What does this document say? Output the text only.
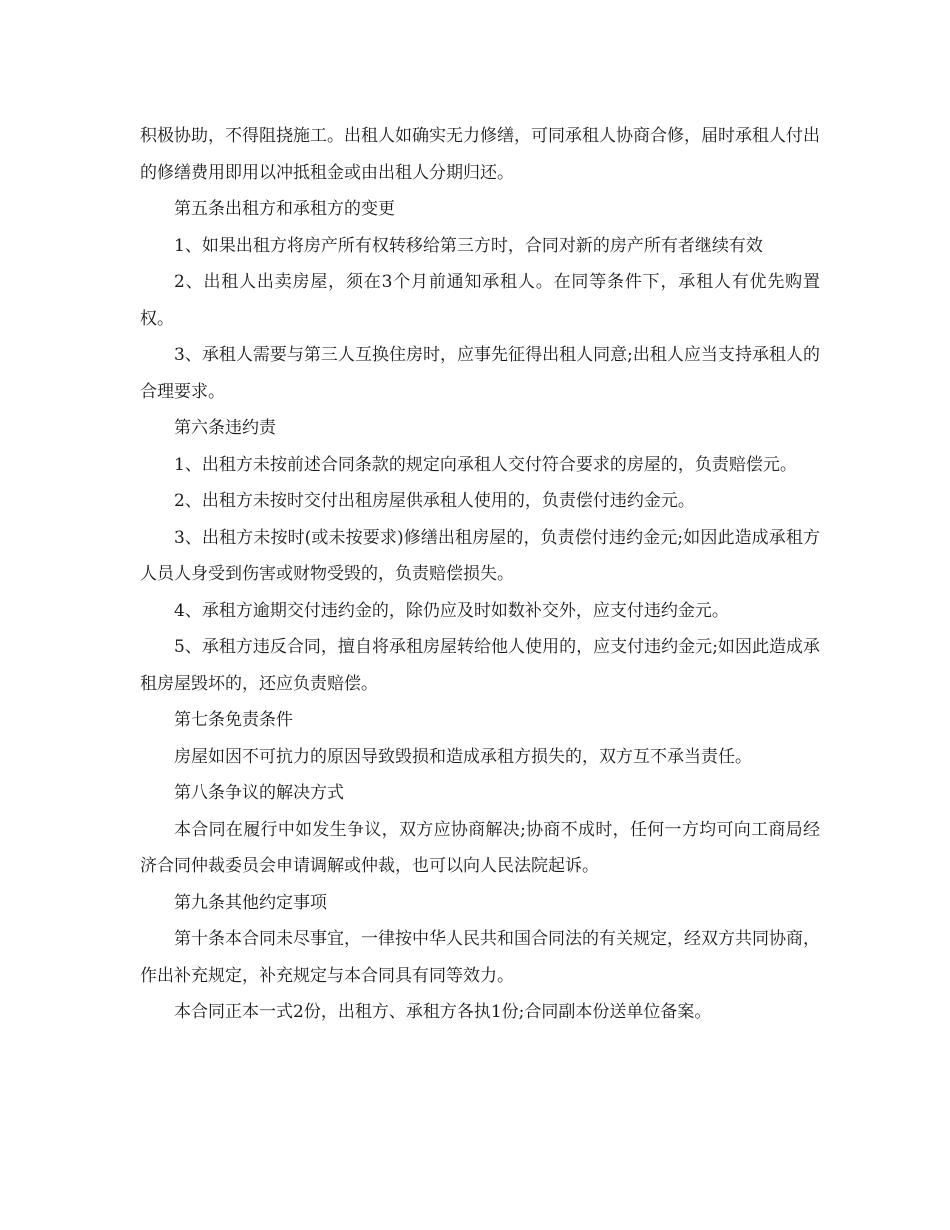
积极协助，不得阻挠施工。出租人如确实无力修缮，可同承租人协商合修，届时承租人付出的修缮费用即用以冲抵租金或由出租人分期归还。

第五条出租方和承租方的变更

1、如果出租方将房产所有权转移给第三方时，合同对新的房产所有者继续有效

2、出租人出卖房屋，须在3个月前通知承租人。在同等条件下，承租人有优先购置权。

3、承租人需要与第三人互换住房时，应事先征得出租人同意;出租人应当支持承租人的合理要求。

第六条违约责

1、出租方未按前述合同条款的规定向承租人交付符合要求的房屋的，负责赔偿元。

2、出租方未按时交付出租房屋供承租人使用的，负责偿付违约金元。

3、出租方未按时(或未按要求)修缮出租房屋的，负责偿付违约金元;如因此造成承租方人员人身受到伤害或财物受毁的，负责赔偿损失。

4、承租方逾期交付违约金的，除仍应及时如数补交外，应支付违约金元。

5、承租方违反合同，擅自将承租房屋转给他人使用的，应支付违约金元;如因此造成承租房屋毁坏的，还应负责赔偿。

第七条免责条件

房屋如因不可抗力的原因导致毁损和造成承租方损失的，双方互不承当责任。

第八条争议的解决方式

本合同在履行中如发生争议，双方应协商解决;协商不成时，任何一方均可向工商局经济合同仲裁委员会申请调解或仲裁，也可以向人民法院起诉。

第九条其他约定事项

第十条本合同未尽事宜，一律按中华人民共和国合同法的有关规定，经双方共同协商，作出补充规定，补充规定与本合同具有同等效力。

本合同正本一式2份，出租方、承租方各执1份;合同副本份送单位备案。
